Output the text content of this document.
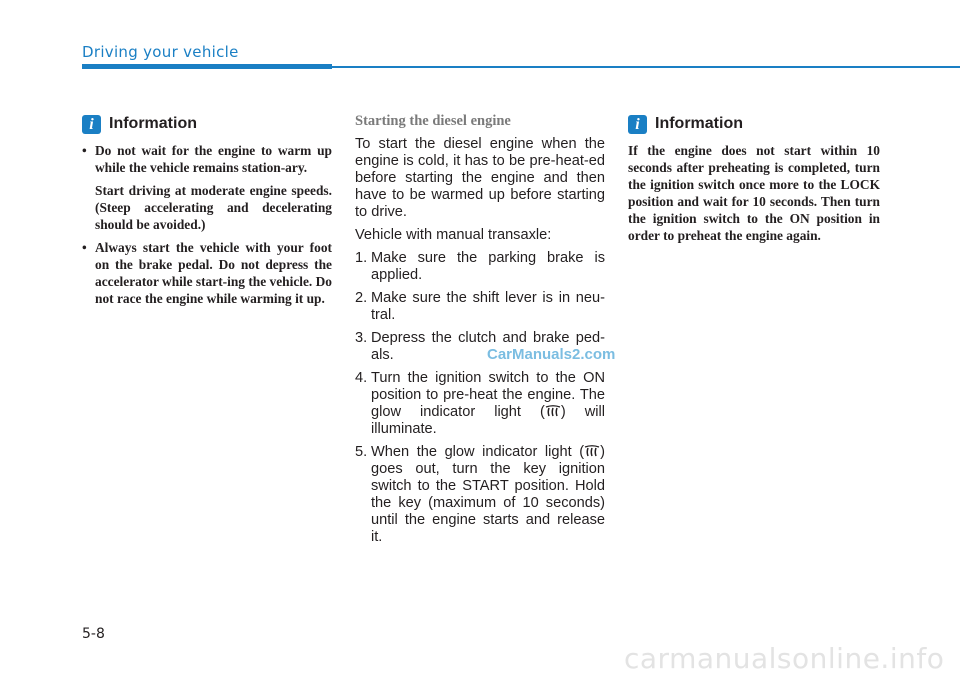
Driving your vehicle
i Information

• Do not wait for the engine to warm up while the vehicle remains station-ary.

Start driving at moderate engine speeds. (Steep accelerating and decelerating should be avoided.)

• Always start the vehicle with your foot on the brake pedal. Do not depress the accelerator while start-ing the vehicle. Do not race the engine while warming it up.

Starting the diesel engine

To start the diesel engine when the engine is cold, it has to be pre-heat-ed before starting the engine and then have to be warmed up before starting to drive.

Vehicle with manual transaxle:

1. Make sure the parking brake is applied.
2. Make sure the shift lever is in neu-tral.
3. Depress the clutch and brake ped-als.
4. Turn the ignition switch to the ON position to pre-heat the engine. The glow indicator light ( ) will illuminate.
5. When the glow indicator light ( ) goes out, turn the key ignition switch to the START position. Hold the key (maximum of 10 seconds) until the engine starts and release it.
i Information

If the engine does not start within 10 seconds after preheating is completed, turn the ignition switch once more to the LOCK position and wait for 10 seconds. Then turn the ignition switch to the ON position in order to preheat the engine again.

CarManuals2.com
5-8
carmanualsonline.info
